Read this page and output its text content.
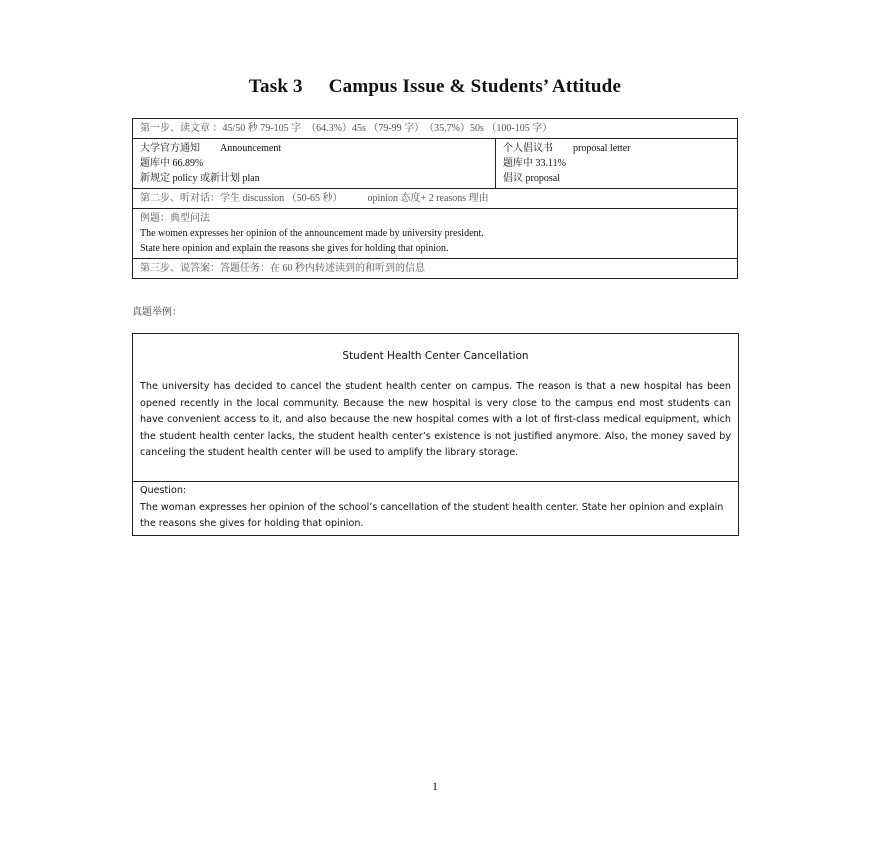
Task 3 Campus Issue & Students’ Attitude
第一步、读文章 ：45/50 秒 79-105 字　（64.3%）45s （79-99 字）　（35.7%）50s （100-105 字）

大学官方通知　　 Announcement
题库中 66.89%
新规定 policy 或新计划 plan

个人倡议书　　 proposal letter
题库中 33.11%
倡议 proposal

第二步、听对话：学生 discussion （50-65 秒）　　　opinion 态度+ 2 reasons 理由

例题：典型问法
The women expresses her opinion of the announcement made by university president.
State here opinion and explain the reasons she gives for holding that opinion.

第三步、说答案：答题任务：在 60 秒内转述读到的和听到的信息
真题举例：
Student Health Center Cancellation
The university has decided to cancel the student health center on campus. The reason is that a new hospital has been opened recently in the local community. Because the new hospital is very close to the campus end most students can have convenient access to it, and also because the new hospital comes with a lot of first-class medical equipment, which the student health center lacks, the student health center’s existence is not justified anymore. Also, the money saved by canceling the student health center will be used to amplify the library storage.
Question:
The woman expresses her opinion of the school’s cancellation of the student health center. State her opinion and explain the reasons she gives for holding that opinion.
1
